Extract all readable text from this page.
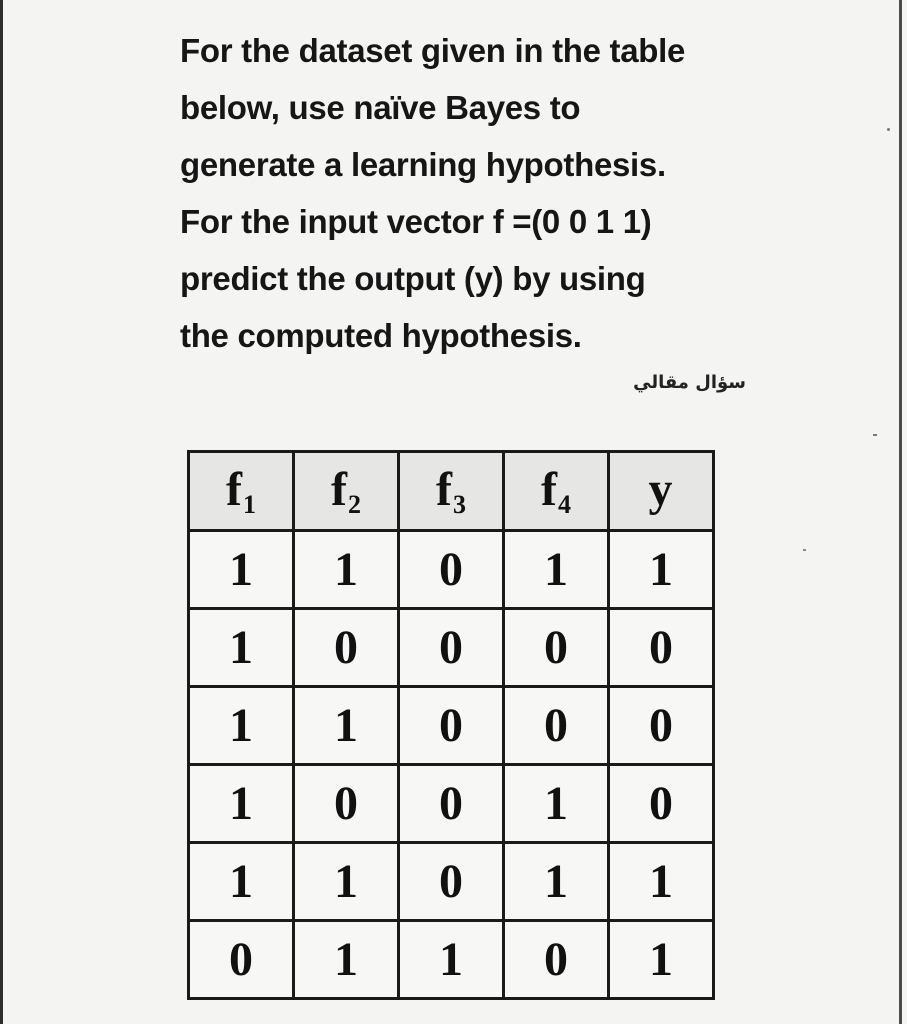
For the dataset given in the table
below, use naïve Bayes to
generate a learning hypothesis.
For the input vector f =(0 0 1 1)
predict the output (y) by using
the computed hypothesis.
سؤال مقالي
$f_1$	$f_2$	$f_3$	$f_4$	y
1	1	0	1	1
1	0	0	0	0
1	1	0	0	0
1	0	0	1	0
1	1	0	1	1
0	1	1	0	1
